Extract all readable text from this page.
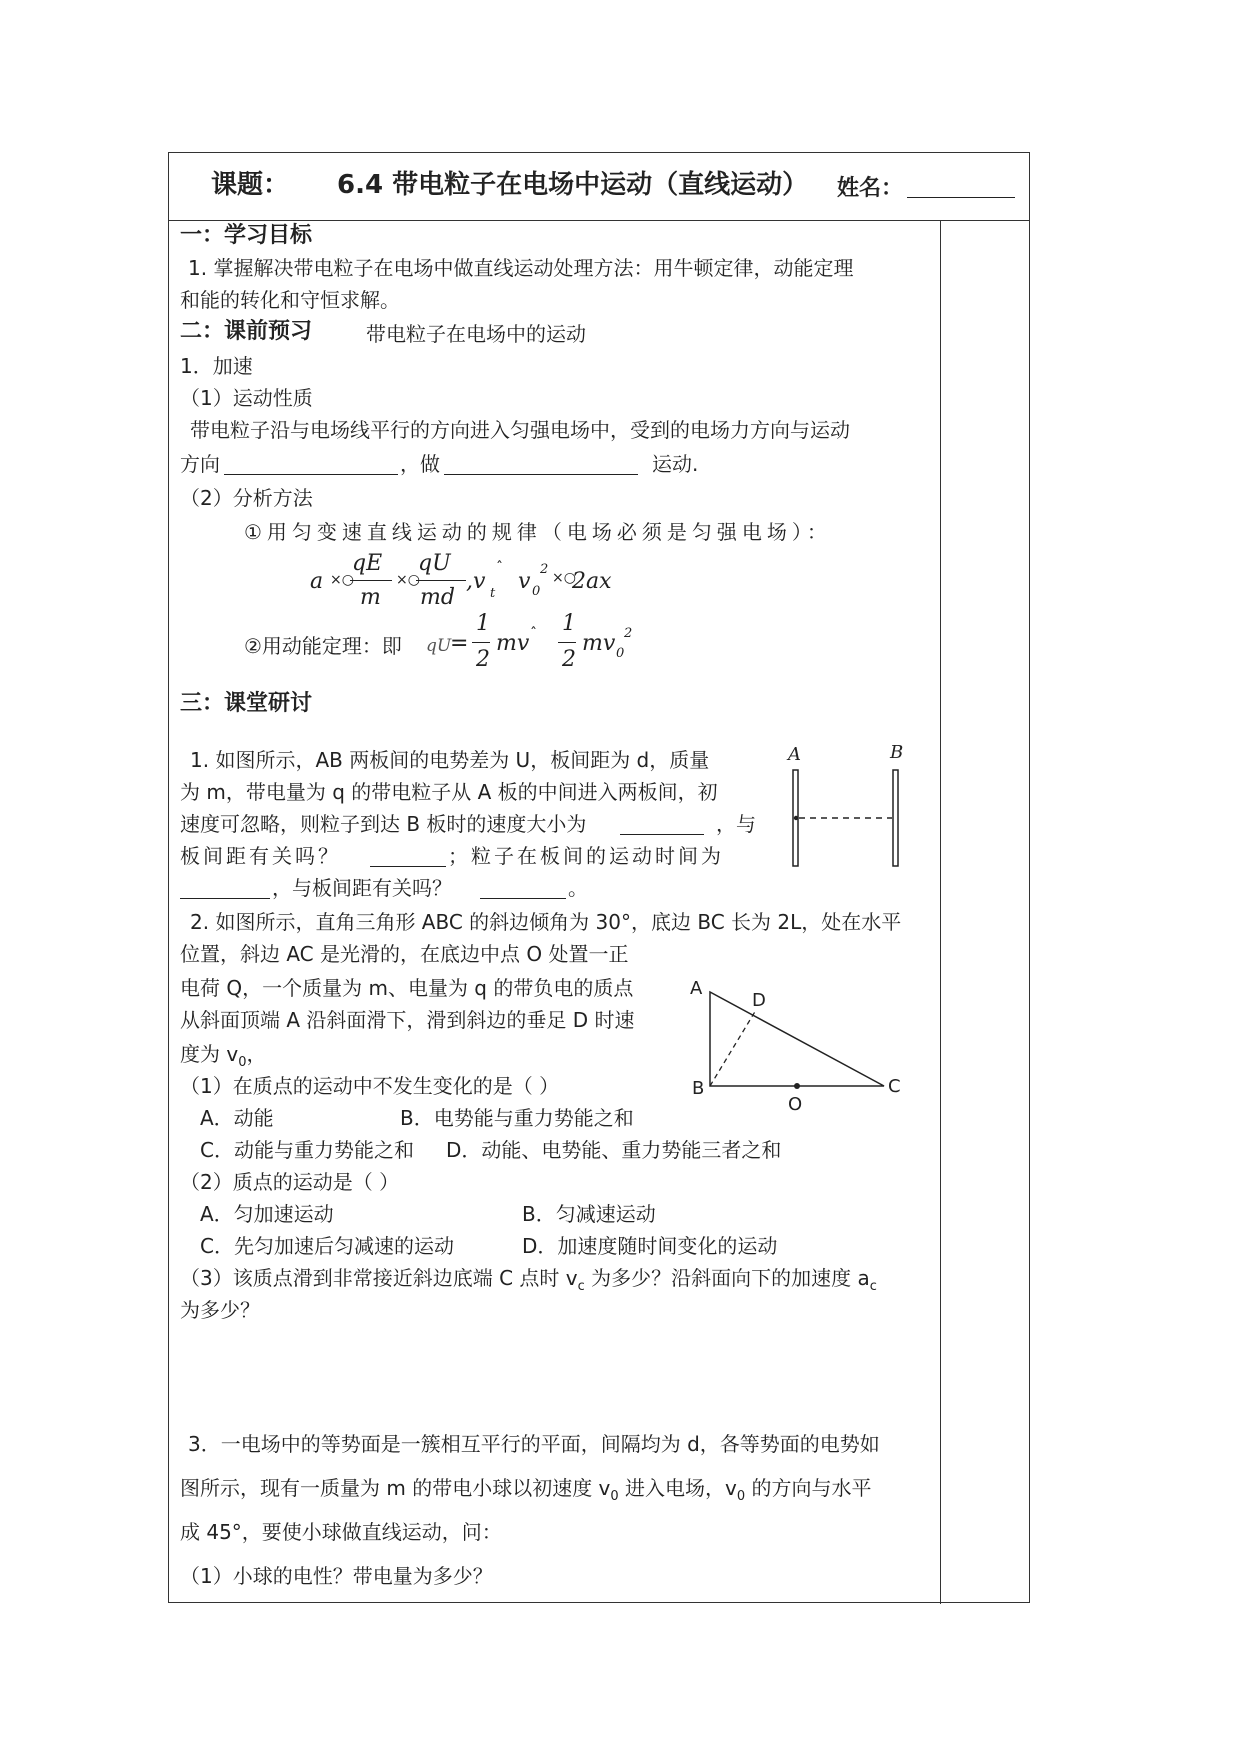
课题： 6.4 带电粒子在电场中运动（直线运动） 姓名：
一：学习目标
1. 掌握解决带电粒子在电场中做直线运动处理方法：用牛顿定律，动能定理
和能的转化和守恒求解。
二：课前预习	带电粒子在电场中的运动
1．加速
（1）运动性质
带电粒子沿与电场线平行的方向进入匀强电场中，受到的电场力方向与运动
方向	，做	运动.
（2）分析方法
①用匀变速直线运动的规律（电场必须是匀强电场）：
a ×○
qE
m
×○
qU
md
,v t
ˆ
v 0
2
×○
2ax
②用动能定理：即 qU
=
1
2
mv ˆ 1
2
mv 0
2
三：课堂研讨
1. 如图所示，AB 两板间的电势差为 U，板间距为 d，质量
为 m，带电量为 q 的带电粒子从 A 板的中间进入两板间，初
速度可忽略，则粒子到达 B 板时的速度大小为	，与
板间距有关吗？	；粒子在板间的运动时间为
，与板间距有关吗？	。
A	B
2. 如图所示，直角三角形 ABC 的斜边倾角为 30°，底边 BC 长为 2L，处在水平
位置，斜边 AC 是光滑的，在底边中点 O 处置一正
电荷 Q，一个质量为 m、电量为 q 的带负电的质点
从斜面顶端 A 沿斜面滑下，滑到斜边的垂足 D 时速
度为 $v_0$，
A
D
B
O
C
（1）在质点的运动中不发生变化的是（ ）
A．动能	B．电势能与重力势能之和
C．动能与重力势能之和 D．动能、电势能、重力势能三者之和
（2）质点的运动是（ ）
A．匀加速运动	B．匀减速运动
C．先匀加速后匀减速的运动	D．加速度随时间变化的运动
（3）该质点滑到非常接近斜边底端 C 点时 $v_c$ 为多少？沿斜面向下的加速度 $a_c$
为多少？
3．一电场中的等势面是一簇相互平行的平面，间隔均为 d，各等势面的电势如
图所示，现有一质量为 m 的带电小球以初速度 $v_0$ 进入电场，$v_0$ 的方向与水平
成 45°，要使小球做直线运动，问：
（1）小球的电性？带电量为多少？
